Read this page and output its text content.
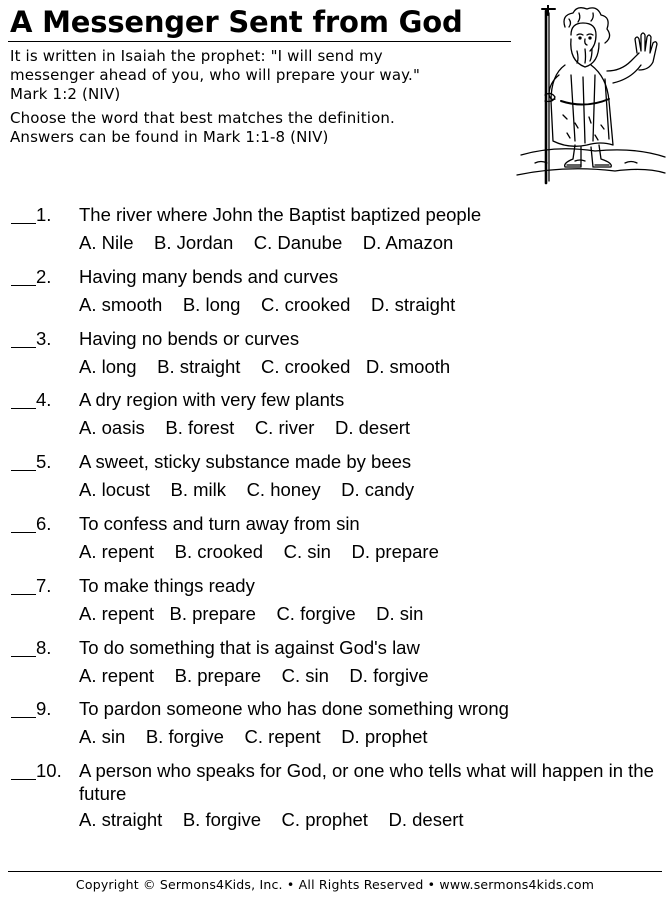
A Messenger Sent from God

It is written in Isaiah the prophet: "I will send my

messenger ahead of you, who will prepare your way."

Mark 1:2 (NIV)

Choose the word that best matches the definition.

Answers can be found in Mark 1:1-8 (NIV)

1. The river where John the Baptist baptized people
A. Nile    B. Jordan    C. Danube    D. Amazon
2. Having many bends and curves
A. smooth    B. long    C. crooked    D. straight
3. Having no bends or curves
A. long    B. straight    C. crooked   D. smooth
4. A dry region with very few plants
A. oasis    B. forest    C. river    D. desert
5. A sweet, sticky substance made by bees
A. locust    B. milk    C. honey    D. candy
6. To confess and turn away from sin
A. repent    B. crooked    C. sin    D. prepare
7. To make things ready
A. repent   B. prepare    C. forgive    D. sin
8. To do something that is against God's law
A. repent    B. prepare    C. sin    D. forgive
9. To pardon someone who has done something wrong
A. sin    B. forgive    C. repent    D. prophet
10. A person who speaks for God, or one who tells what will happen in the future
A. straight    B. forgive    C. prophet    D. desert
Copyright © Sermons4Kids, Inc. • All Rights Reserved • www.sermons4kids.com
